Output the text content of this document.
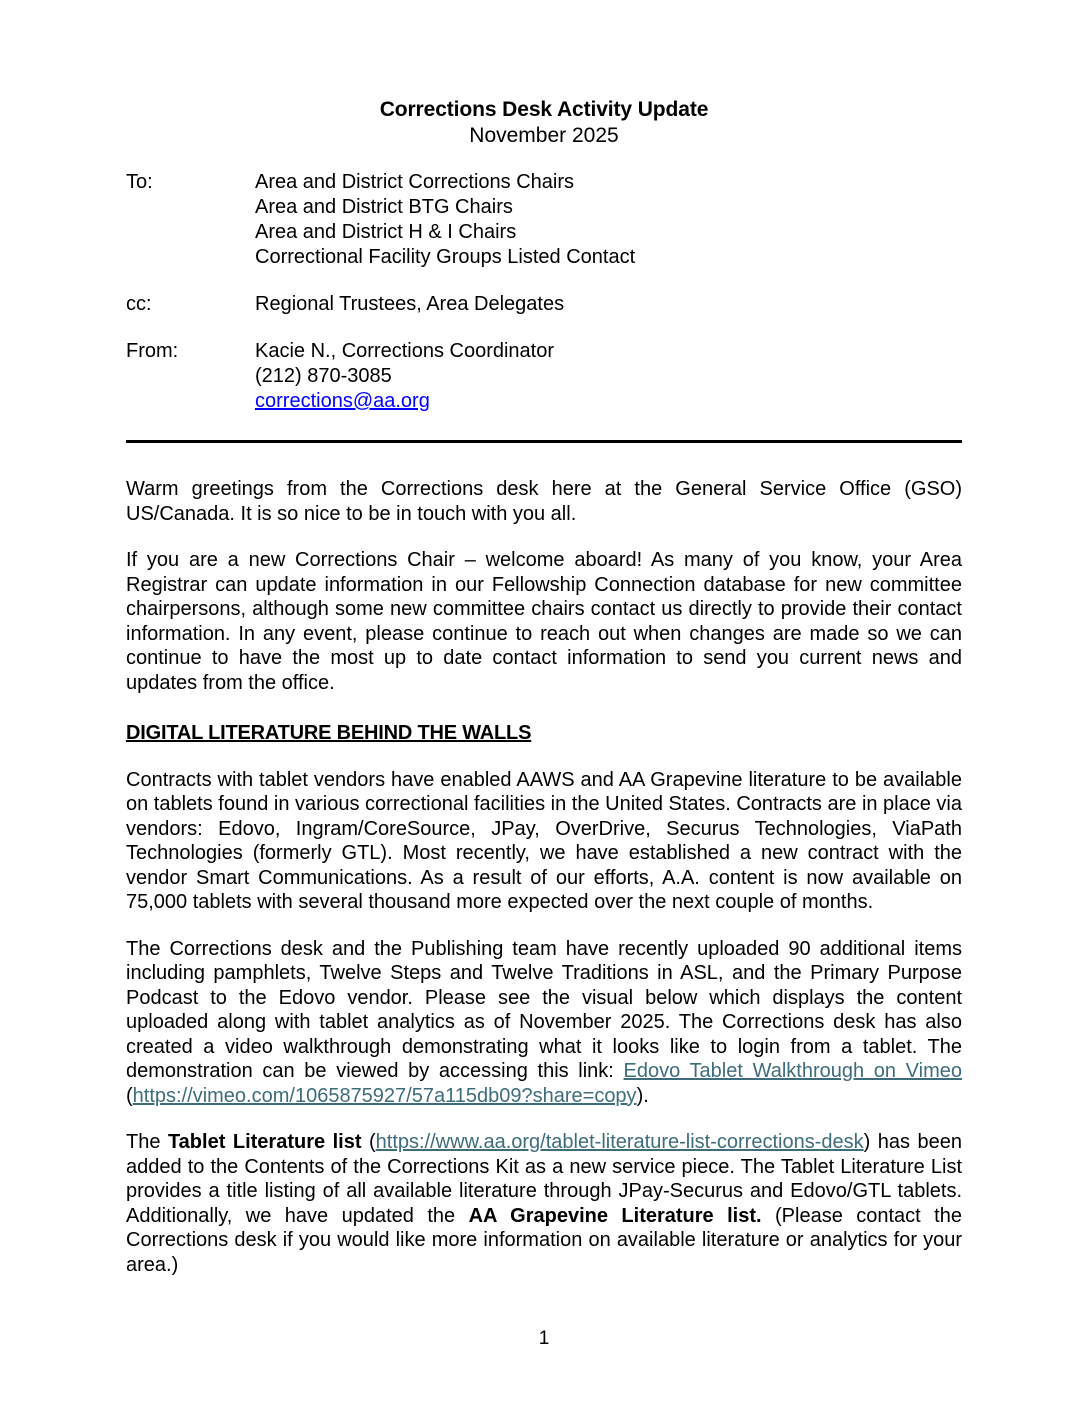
Corrections Desk Activity Update
November 2025
To:	Area and District Corrections Chairs
Area and District BTG Chairs
Area and District H & I Chairs
Correctional Facility Groups Listed Contact
cc:	Regional Trustees, Area Delegates
From:	Kacie N., Corrections Coordinator
(212) 870-3085
corrections@aa.org

Warm greetings from the Corrections desk here at the General Service Office (GSO) US/Canada. It is so nice to be in touch with you all.

If you are a new Corrections Chair – welcome aboard! As many of you know, your Area Registrar can update information in our Fellowship Connection database for new committee chairpersons, although some new committee chairs contact us directly to provide their contact information. In any event, please continue to reach out when changes are made so we can continue to have the most up to date contact information to send you current news and updates from the office.

DIGITAL LITERATURE BEHIND THE WALLS

Contracts with tablet vendors have enabled AAWS and AA Grapevine literature to be available on tablets found in various correctional facilities in the United States. Contracts are in place via vendors: Edovo, Ingram/CoreSource, JPay, OverDrive, Securus Technologies, ViaPath Technologies (formerly GTL). Most recently, we have established a new contract with the vendor Smart Communications. As a result of our efforts, A.A. content is now available on 75,000 tablets with several thousand more expected over the next couple of months.

The Corrections desk and the Publishing team have recently uploaded 90 additional items including pamphlets, Twelve Steps and Twelve Traditions in ASL, and the Primary Purpose Podcast to the Edovo vendor. Please see the visual below which displays the content uploaded along with tablet analytics as of November 2025. The Corrections desk has also created a video walkthrough demonstrating what it looks like to login from a tablet. The demonstration can be viewed by accessing this link: Edovo Tablet Walkthrough on Vimeo (https://vimeo.com/1065875927/57a115db09?share=copy).

The Tablet Literature list (https://www.aa.org/tablet-literature-list-corrections-desk) has been added to the Contents of the Corrections Kit as a new service piece. The Tablet Literature List provides a title listing of all available literature through JPay-Securus and Edovo/GTL tablets. Additionally, we have updated the AA Grapevine Literature list. (Please contact the Corrections desk if you would like more information on available literature or analytics for your area.)

1
